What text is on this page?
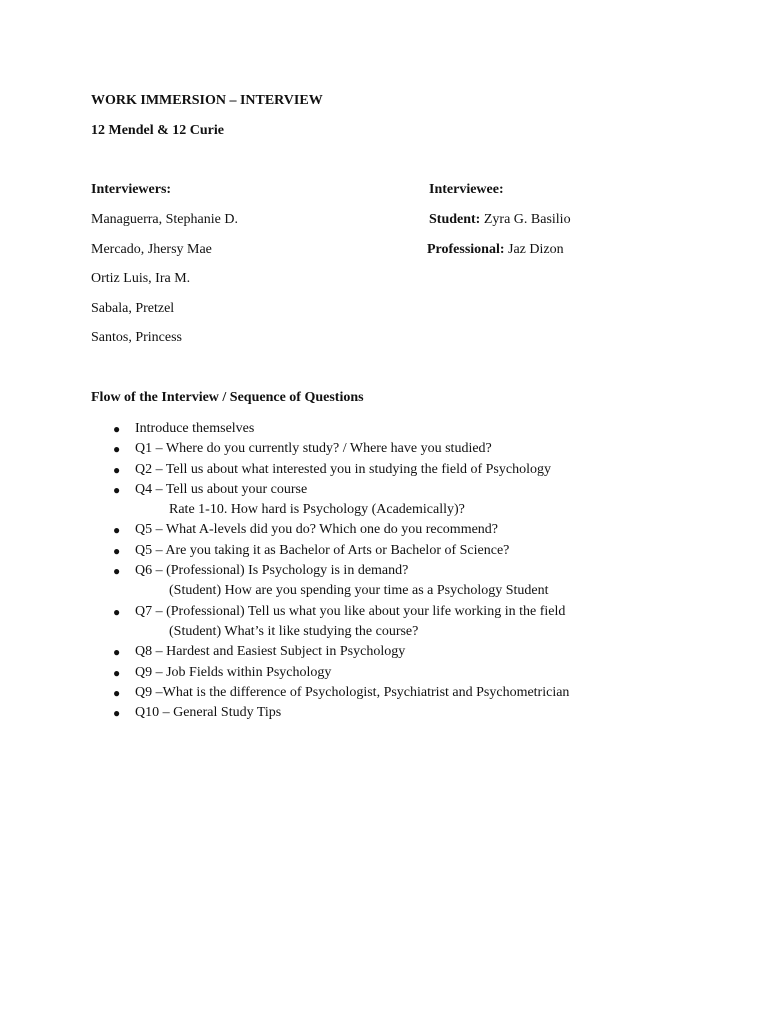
WORK IMMERSION – INTERVIEW
12 Mendel & 12 Curie
Interviewers:	Interviewee:
Managuerra, Stephanie D.
Mercado, Jhersy Mae
Ortiz Luis, Ira M.
Sabala, Pretzel
Santos, Princess
Student: Zyra G. Basilio
Professional: Jaz Dizon
Flow of the Interview / Sequence of Questions
● Introduce themselves
● Q1 – Where do you currently study? / Where have you studied?
● Q2 – Tell us about what interested you in studying the field of Psychology
● Q4 – Tell us about your course
Rate 1-10. How hard is Psychology (Academically)?
● Q5 – What A-levels did you do? Which one do you recommend?
● Q5 – Are you taking it as Bachelor of Arts or Bachelor of Science?
● Q6 – (Professional) Is Psychology is in demand?
(Student) How are you spending your time as a Psychology Student
● Q7 – (Professional) Tell us what you like about your life working in the field
(Student) What’s it like studying the course?
● Q8 – Hardest and Easiest Subject in Psychology
● Q9 – Job Fields within Psychology
● Q9 –What is the difference of Psychologist, Psychiatrist and Psychometrician
● Q10 – General Study Tips
